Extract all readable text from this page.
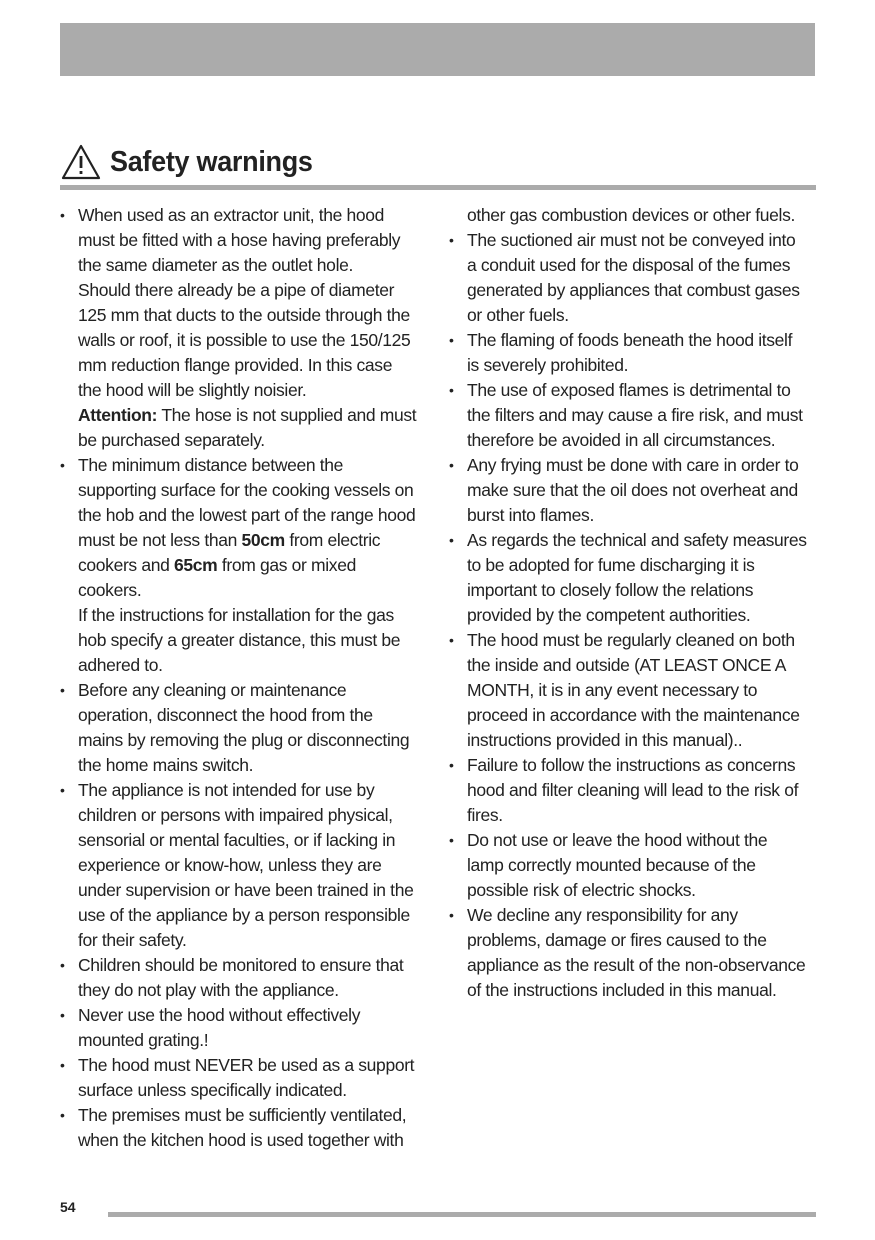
Safety warnings
• When used as an extractor unit, the hood
must be fitted with a hose having preferably
the same diameter as the outlet hole.
Should there already be a pipe of diameter
125 mm that ducts to the outside through the
walls or roof, it is possible to use the 150/125
mm reduction flange provided. In this case
the hood will be slightly noisier.
Attention: The hose is not supplied and must
be purchased separately.
• The minimum distance between the
supporting surface for the cooking vessels on
the hob and the lowest part of the range hood
must be not less than 50cm from electric
cookers and 65cm from gas or mixed
cookers.
If the instructions for installation for the gas
hob specify a greater distance, this must be
adhered to.
• Before any cleaning or maintenance
operation, disconnect the hood from the
mains by removing the plug or disconnecting
the home mains switch.
• The appliance is not intended for use by
children or persons with impaired physical,
sensorial or mental faculties, or if lacking in
experience or know-how, unless they are
under supervision or have been trained in the
use of the appliance by a person responsible
for their safety.
• Children should be monitored to ensure that
they do not play with the appliance.
• Never use the hood without effectively
mounted grating.!
• The hood must NEVER be used as a support
surface unless specifically indicated.
• The premises must be sufficiently ventilated,
when the kitchen hood is used together with
other gas combustion devices or other fuels.
• The suctioned air must not be conveyed into
a conduit used for the disposal of the fumes
generated by appliances that combust gases
or other fuels.
• The flaming of foods beneath the hood itself
is severely prohibited.
• The use of exposed flames is detrimental to
the filters and may cause a fire risk, and must
therefore be avoided in all circumstances.
• Any frying must be done with care in order to
make sure that the oil does not overheat and
burst into flames.
• As regards the technical and safety measures
to be adopted for fume discharging it is
important to closely follow the relations
provided by the competent authorities.
• The hood must be regularly cleaned on both
the inside and outside (AT LEAST ONCE A
MONTH, it is in any event necessary to
proceed in accordance with the maintenance
instructions provided in this manual)..
• Failure to follow the instructions as concerns
hood and filter cleaning will lead to the risk of
fires.
• Do not use or leave the hood without the
lamp correctly mounted because of the
possible risk of electric shocks.
• We decline any responsibility for any
problems, damage or fires caused to the
appliance as the result of the non-observance
of the instructions included in this manual.
54
